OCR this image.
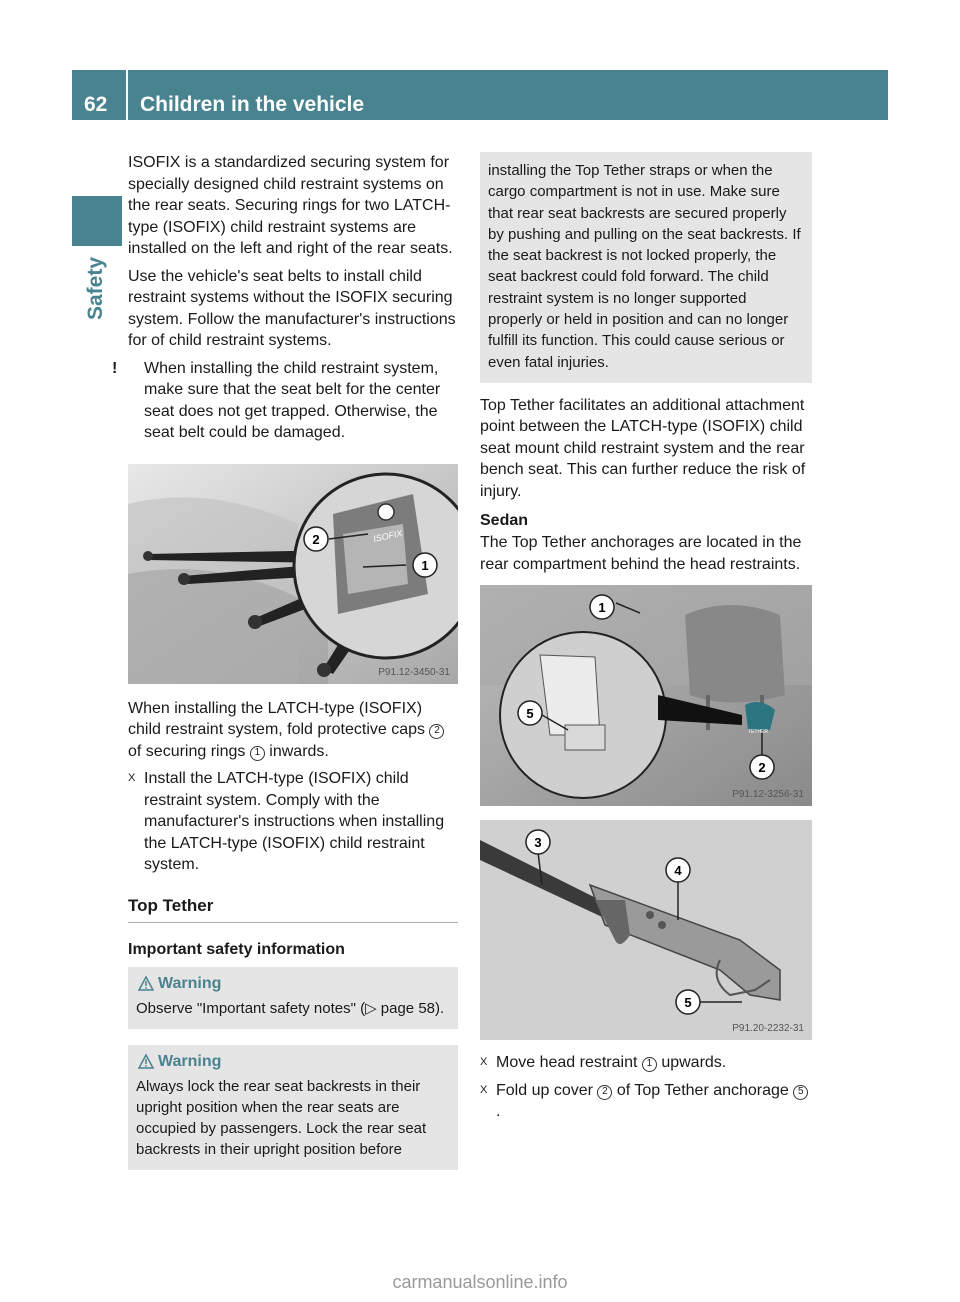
62	Children in the vehicle
Safety

ISOFIX is a standardized securing system for specially designed child restraint systems on the rear seats. Securing rings for two LATCH-type (ISOFIX) child restraint systems are installed on the left and right of the rear seats.

Use the vehicle's seat belts to install child restraint systems without the ISOFIX securing system. Follow the manufacturer's instructions for of child restraint systems.

! When installing the child restraint system, make sure that the seat belt for the center seat does not get trapped. Otherwise, the seat belt could be damaged.

ISOFIX
2
1
P91.12-3450-31

When installing the LATCH-type (ISOFIX) child restraint system, fold protective caps 2 of securing rings 1 inwards.

X Install the LATCH-type (ISOFIX) child restraint system. Comply with the manufacturer's instructions when installing the LATCH-type (ISOFIX) child restraint system.

Top Tether
Important safety information
Warning
Observe "Important safety notes" (▷ page 58).
Warning
Always lock the rear seat backrests in their upright position when the rear seats are occupied by passengers. Lock the rear seat backrests in their upright position before
installing the Top Tether straps or when the cargo compartment is not in use. Make sure that rear seat backrests are secured properly by pushing and pulling on the seat backrests. If the seat backrest is not locked properly, the seat backrest could fold forward. The child restraint system is no longer supported properly or held in position and can no longer fulfill its function. This could cause serious or even fatal injuries.

Top Tether facilitates an additional attachment point between the LATCH-type (ISOFIX) child seat mount child restraint system and the rear bench seat. This can further reduce the risk of injury.

Sedan

The Top Tether anchorages are located in the rear compartment behind the head restraints.

1
5
2
TETHER
P91.12-3256-31
3
4
5
P91.20-2232-31

X Move head restraint 1 upwards.

X Fold up cover 2 of Top Tether anchorage 5.

carmanualsonline.info
